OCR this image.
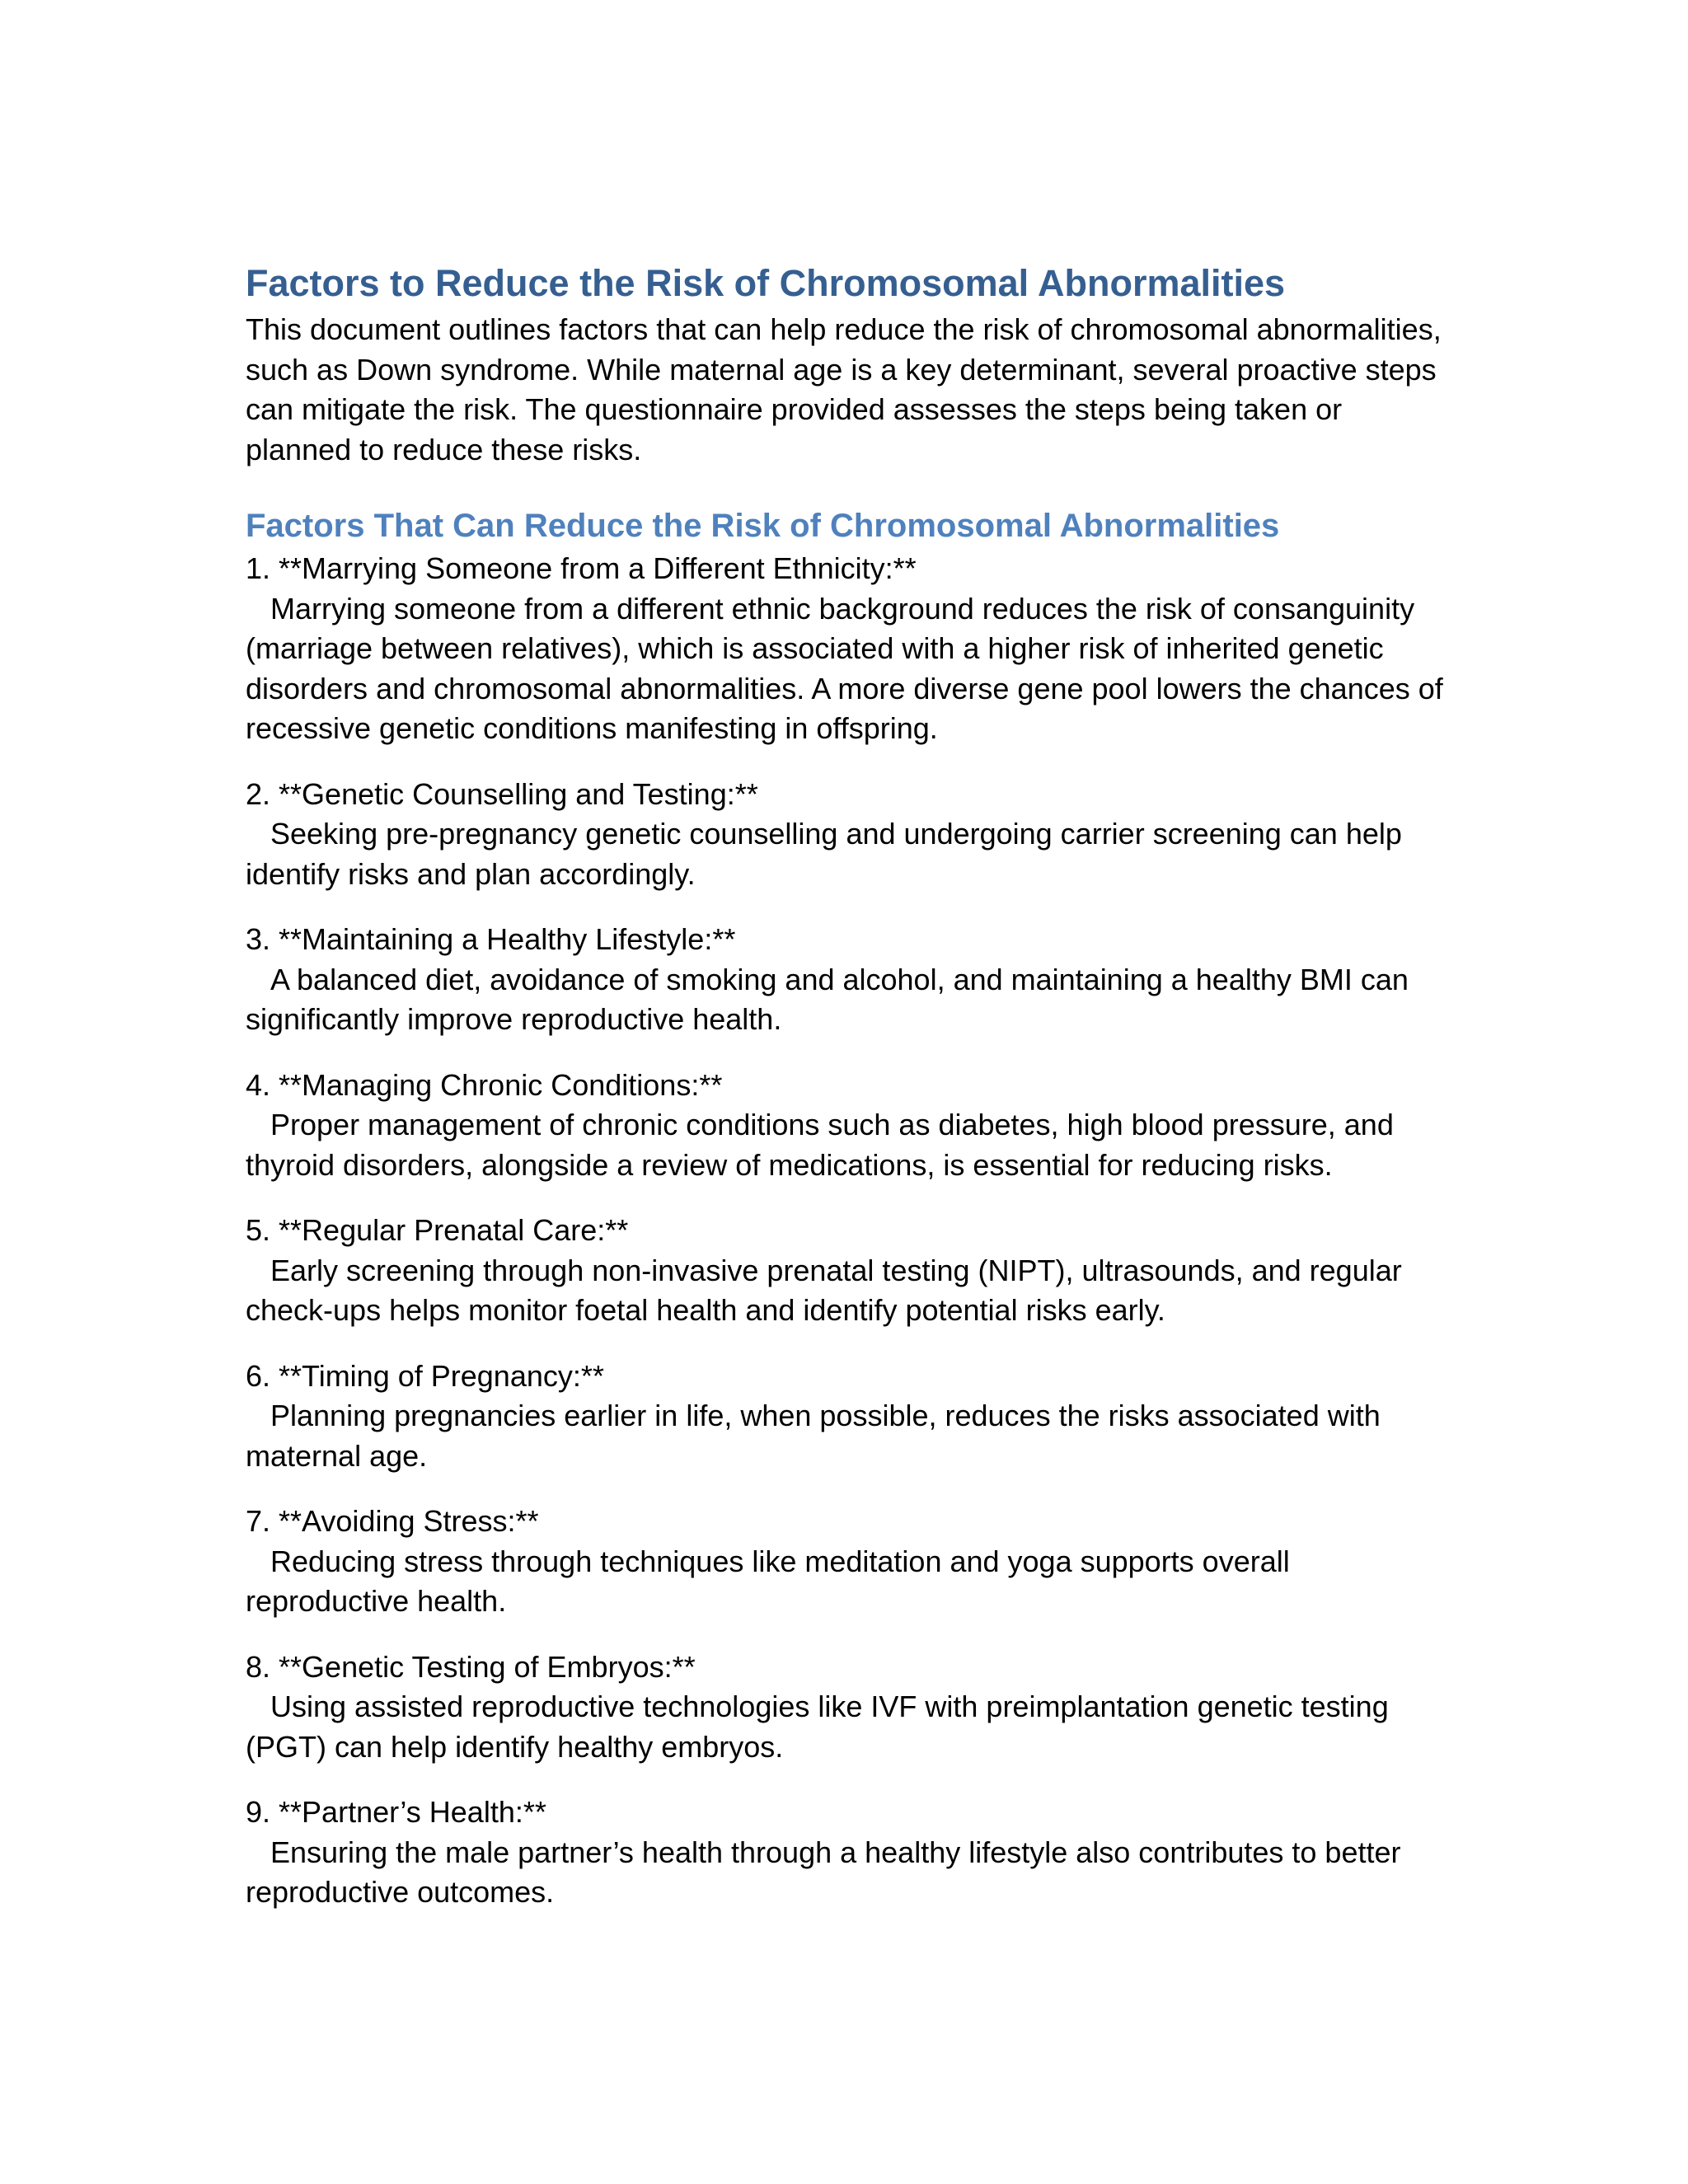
Factors to Reduce the Risk of Chromosomal Abnormalities

This document outlines factors that can help reduce the risk of chromosomal abnormalities, such as Down syndrome. While maternal age is a key determinant, several proactive steps can mitigate the risk. The questionnaire provided assesses the steps being taken or planned to reduce these risks.

Factors That Can Reduce the Risk of Chromosomal Abnormalities
1. **Marrying Someone from a Different Ethnicity:**
Marrying someone from a different ethnic background reduces the risk of consanguinity (marriage between relatives), which is associated with a higher risk of inherited genetic disorders and chromosomal abnormalities. A more diverse gene pool lowers the chances of recessive genetic conditions manifesting in offspring.
2. **Genetic Counselling and Testing:**
Seeking pre-pregnancy genetic counselling and undergoing carrier screening can help identify risks and plan accordingly.
3. **Maintaining a Healthy Lifestyle:**
A balanced diet, avoidance of smoking and alcohol, and maintaining a healthy BMI can significantly improve reproductive health.
4. **Managing Chronic Conditions:**
Proper management of chronic conditions such as diabetes, high blood pressure, and thyroid disorders, alongside a review of medications, is essential for reducing risks.
5. **Regular Prenatal Care:**
Early screening through non-invasive prenatal testing (NIPT), ultrasounds, and regular check-ups helps monitor foetal health and identify potential risks early.
6. **Timing of Pregnancy:**
Planning pregnancies earlier in life, when possible, reduces the risks associated with maternal age.
7. **Avoiding Stress:**
Reducing stress through techniques like meditation and yoga supports overall reproductive health.
8. **Genetic Testing of Embryos:**
Using assisted reproductive technologies like IVF with preimplantation genetic testing (PGT) can help identify healthy embryos.
9. **Partner’s Health:**
Ensuring the male partner’s health through a healthy lifestyle also contributes to better reproductive outcomes.
